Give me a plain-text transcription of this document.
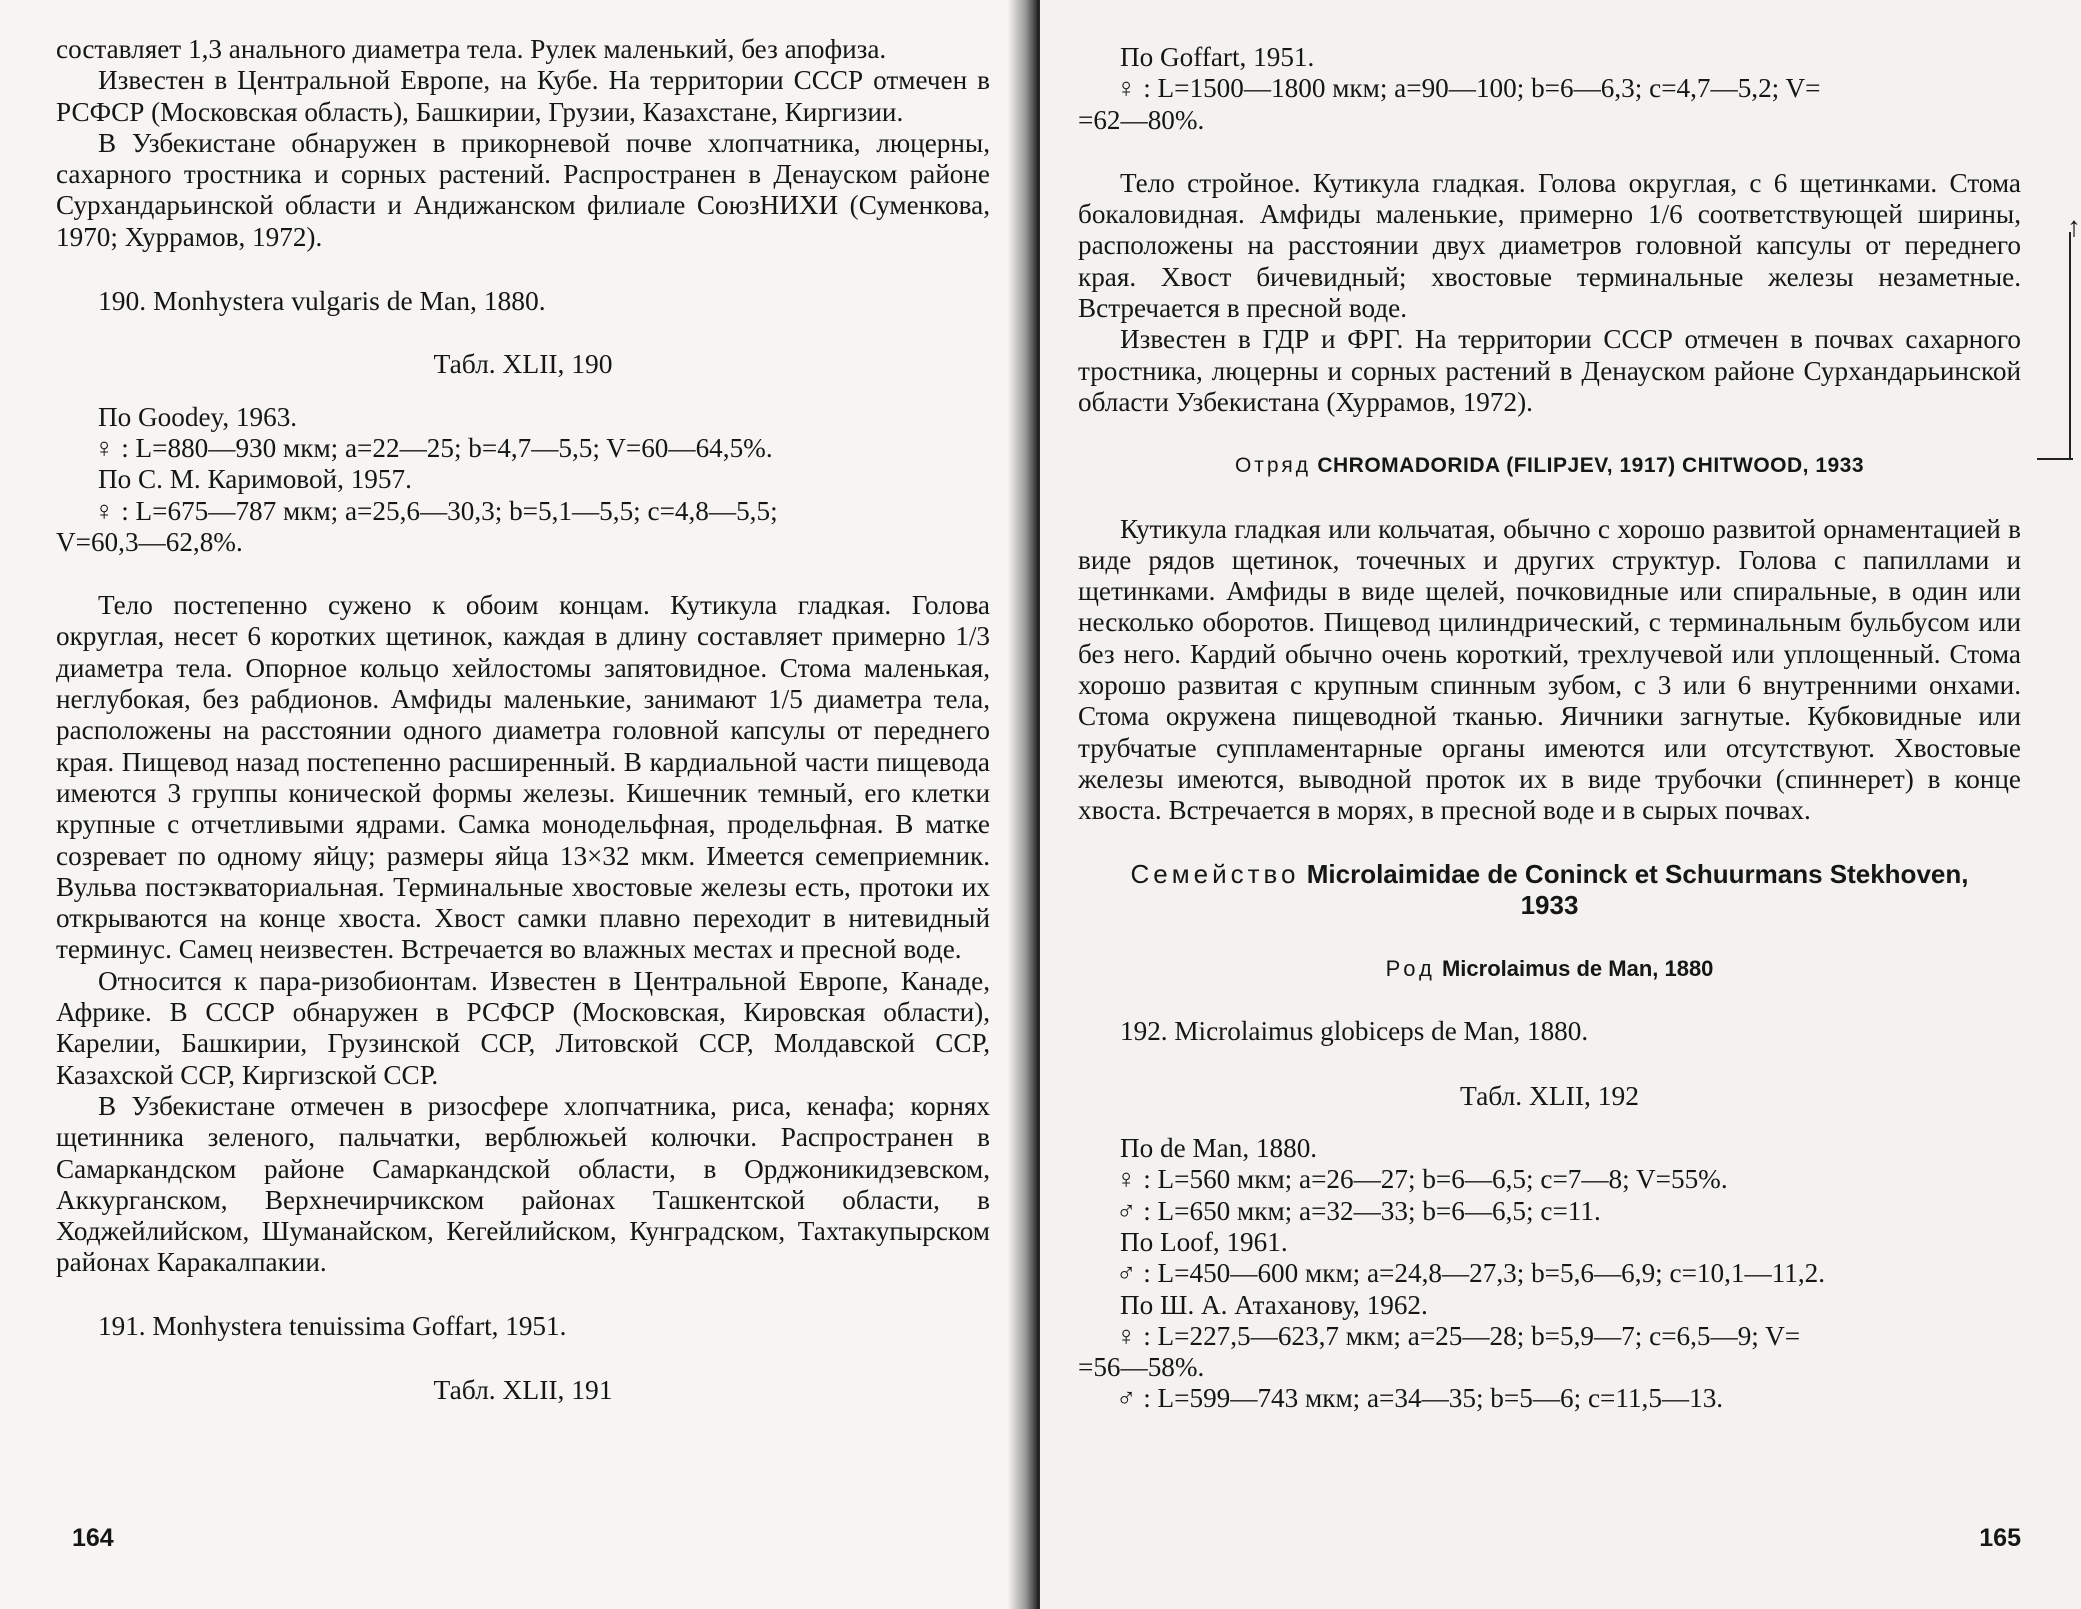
составляет 1,3 анального диаметра тела. Рулек маленький, без апофиза.

Известен в Центральной Европе, на Кубе. На территории СССР отмечен в РСФСР (Московская область), Башкирии, Грузии, Казахстане, Киргизии.

В Узбекистане обнаружен в прикорневой почве хлопчатника, люцерны, сахарного тростника и сорных растений. Распространен в Денауском районе Сурхандарьинской области и Андижанском филиале СоюзНИХИ (Суменкова, 1970; Хуррамов, 1972).

190. Monhystera vulgaris de Man, 1880.

Табл. XLII, 190

По Goodey, 1963.

♀ : L=880—930 мкм; a=22—25; b=4,7—5,5; V=60—64,5%.

По С. М. Каримовой, 1957.

♀ : L=675—787 мкм; a=25,6—30,3; b=5,1—5,5; c=4,8—5,5;

V=60,3—62,8%.

Тело постепенно сужено к обоим концам. Кутикула гладкая. Голова округлая, несет 6 коротких щетинок, каждая в длину составляет примерно 1/3 диаметра тела. Опорное кольцо хейлостомы запятовидное. Стома маленькая, неглубокая, без рабдионов. Амфиды маленькие, занимают 1/5 диаметра тела, расположены на расстоянии одного диаметра головной капсулы от переднего края. Пищевод назад постепенно расширенный. В кардиальной части пищевода имеются 3 группы конической формы железы. Кишечник темный, его клетки крупные с отчетливыми ядрами. Самка монодельфная, продельфная. В матке созревает по одному яйцу; размеры яйца 13×32 мкм. Имеется семеприемник. Вульва постэкваториальная. Терминальные хвостовые железы есть, протоки их открываются на конце хвоста. Хвост самки плавно переходит в нитевидный терминус. Самец неизвестен. Встречается во влажных местах и пресной воде.

Относится к пара-ризобионтам. Известен в Центральной Европе, Канаде, Африке. В СССР обнаружен в РСФСР (Московская, Кировская области), Карелии, Башкирии, Грузинской ССР, Литовской ССР, Молдавской ССР, Казахской ССР, Киргизской ССР.

В Узбекистане отмечен в ризосфере хлопчатника, риса, кенафа; корнях щетинника зеленого, пальчатки, верблюжьей колючки. Распространен в Самаркандском районе Самаркандской области, в Орджоникидзевском, Аккурганском, Верхнечирчикском районах Ташкентской области, в Ходжейлийском, Шуманайском, Кегейлийском, Кунградском, Тахтакупырском районах Каракалпакии.

191. Monhystera tenuissima Goffart, 1951.

Табл. XLII, 191

164

По Goffart, 1951.

♀ : L=1500—1800 мкм; a=90—100; b=6—6,3; c=4,7—5,2; V=

=62—80%.

Тело стройное. Кутикула гладкая. Голова округлая, с 6 щетинками. Стома бокаловидная. Амфиды маленькие, примерно 1/6 соответствующей ширины, расположены на расстоянии двух диаметров головной капсулы от переднего края. Хвост бичевидный; хвостовые терминальные железы незаметные. Встречается в пресной воде.

Известен в ГДР и ФРГ. На территории СССР отмечен в почвах сахарного тростника, люцерны и сорных растений в Денауском районе Сурхандарьинской области Узбекистана (Хуррамов, 1972).

Отряд CHROMADORIDA (FILIPJEV, 1917) CHITWOOD, 1933

Кутикула гладкая или кольчатая, обычно с хорошо развитой орнаментацией в виде рядов щетинок, точечных и других структур. Голова с папиллами и щетинками. Амфиды в виде щелей, почковидные или спиральные, в один или несколько оборотов. Пищевод цилиндрический, с терминальным бульбусом или без него. Кардий обычно очень короткий, трехлучевой или уплощенный. Стома хорошо развитая с крупным спинным зубом, с 3 или 6 внутренними онхами. Стома окружена пищеводной тканью. Яичники загнутые. Кубковидные или трубчатые суппламентарные органы имеются или отсутствуют. Хвостовые железы имеются, выводной проток их в виде трубочки (спиннерет) в конце хвоста. Встречается в морях, в пресной воде и в сырых почвах.

Семейство Microlaimidae de Coninck et Schuurmans Stekhoven,

1933

Род Microlaimus de Man, 1880

192. Microlaimus globiceps de Man, 1880.

Табл. XLII, 192

По de Man, 1880.

♀ : L=560 мкм; a=26—27; b=6—6,5; c=7—8; V=55%.

♂ : L=650 мкм; a=32—33; b=6—6,5; c=11.

По Loof, 1961.

♂ : L=450—600 мкм; a=24,8—27,3; b=5,6—6,9; c=10,1—11,2.

По Ш. А. Атаханову, 1962.

♀ : L=227,5—623,7 мкм; a=25—28; b=5,9—7; c=6,5—9; V=

=56—58%.

♂ : L=599—743 мкм; a=34—35; b=5—6; c=11,5—13.

165
↑
